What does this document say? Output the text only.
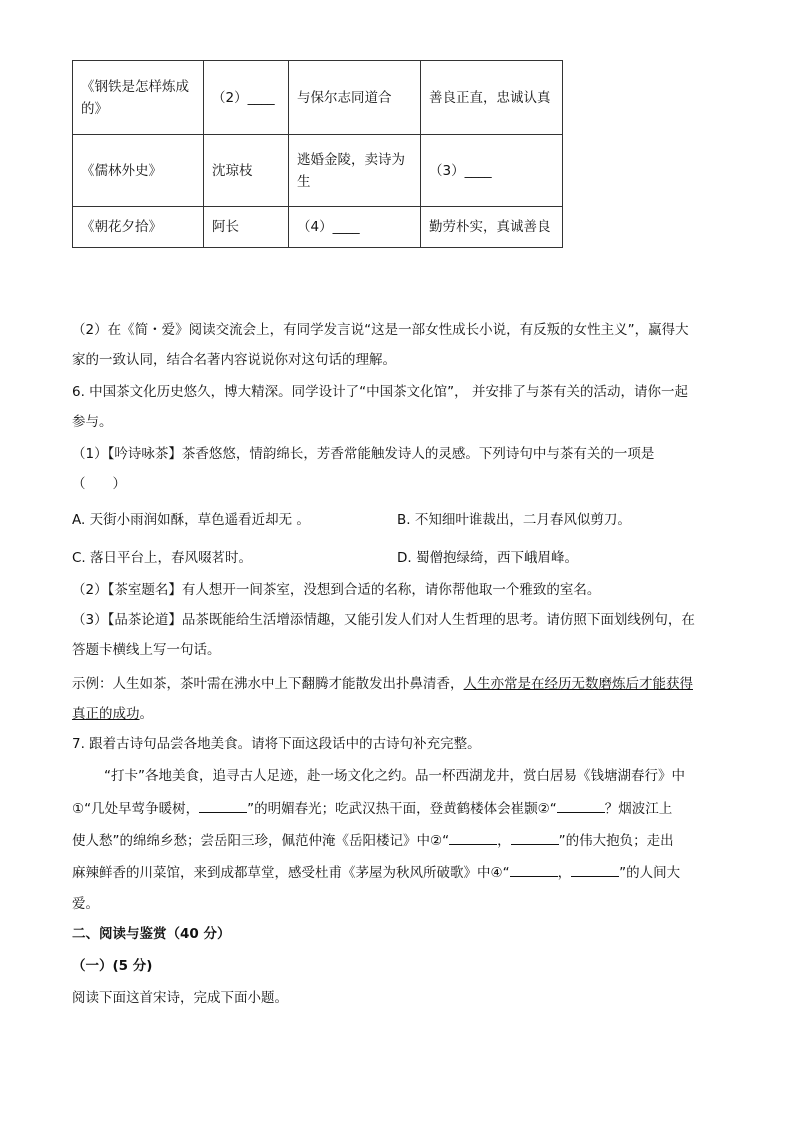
《钢铁是怎样炼成的》	（2）____	与保尔志同道合	善良正直，忠诚认真
《儒林外史》	沈琼枝	逃婚金陵，卖诗为生	（3）____
《朝花夕拾》	阿长	（4）____	勤劳朴实，真诚善良
（2）在《简・爱》阅读交流会上，有同学发言说“这是一部女性成长小说，有反叛的女性主义”，赢得大
家的一致认同，结合名著内容说说你对这句话的理解。
6. 中国茶文化历史悠久，博大精深。同学设计了“中国茶文化馆”， 并安排了与茶有关的活动，请你一起
参与。
（1）【吟诗咏茶】茶香悠悠，情韵绵长，芳香常能触发诗人的灵感。下列诗句中与茶有关的一项是
（　　）
A. 天街小雨润如酥，草色遥看近却无 。	B. 不知细叶谁裁出，二月春风似剪刀。
C. 落日平台上，春风啜茗时。	D. 蜀僧抱绿绮，西下峨眉峰。
（2）【茶室题名】有人想开一间茶室，没想到合适的名称，请你帮他取一个雅致的室名。
（3）【品茶论道】品茶既能给生活增添情趣，又能引发人们对人生哲理的思考。请仿照下面划线例句，在
答题卡横线上写一句话。
示例：人生如茶，茶叶需在沸水中上下翻腾才能散发出扑鼻清香，人生亦常是在经历无数磨炼后才能获得
真正的成功。
7. 跟着古诗句品尝各地美食。请将下面这段话中的古诗句补充完整。
“打卡”各地美食，追寻古人足迹，赴一场文化之约。品一杯西湖龙井，赏白居易《钱塘湖春行》中
①“几处早莺争暖树，	”的明媚春光；吃武汉热干面，登黄鹤楼体会崔颢②“	？烟波江上
使人愁”的绵绵乡愁；尝岳阳三珍，佩范仲淹《岳阳楼记》中②“	，	”的伟大抱负；走出
麻辣鲜香的川菜馆，来到成都草堂，感受杜甫《茅屋为秋风所破歌》中④“	，	”的人间大
爱。
二、阅读与鉴赏（40 分）
（一）(5 分)
阅读下面这首宋诗，完成下面小题。
